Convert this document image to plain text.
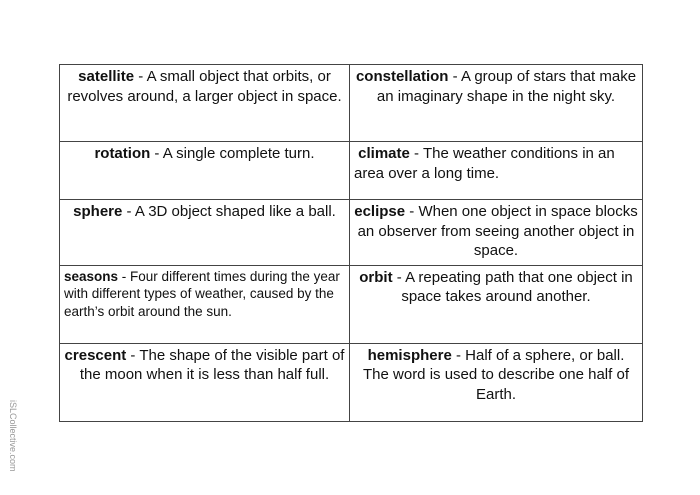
satellite - A small object that orbits, or revolves around, a larger object in space.	constellation - A group of stars that make an imaginary shape in the night sky.
rotation - A single complete turn.	climate - The weather conditions in an area over a long time.
sphere - A 3D object shaped like a ball.	eclipse - When one object in space blocks an observer from seeing another object in space.
seasons - Four different times during the year with different types of weather, caused by the earth’s orbit around the sun.	orbit - A repeating path that one object in space takes around another.
crescent - The shape of the visible part of the moon when it is less than half full.	hemisphere - Half of a sphere, or ball. The word is used to describe one half of Earth.
iSLCollective.com
